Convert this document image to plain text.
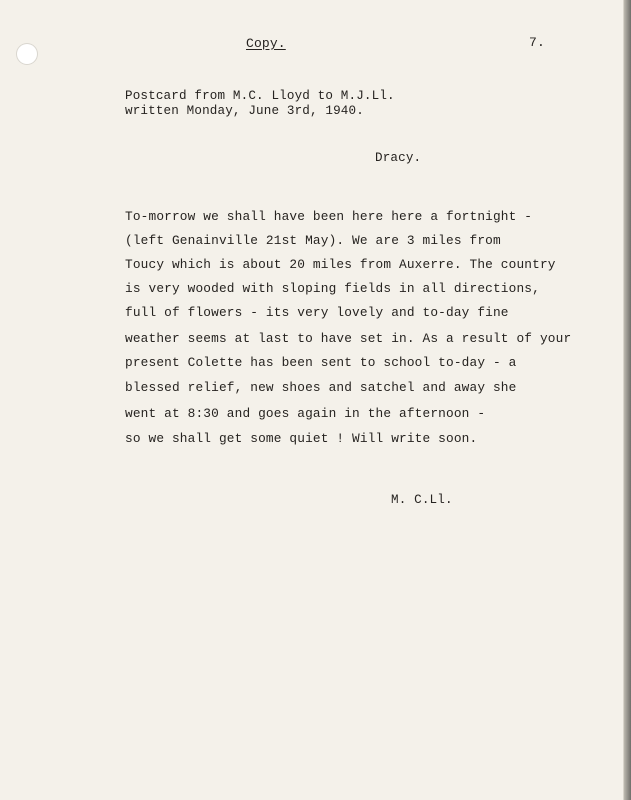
Copy.	7.

Postcard from M.C. Lloyd to M.J.Ll.

written Monday, June 3rd, 1940.

Dracy.

To-morrow we shall have been here here a fortnight -

(left Genainville 21st May). We are 3 miles from

Toucy which is about 20 miles from Auxerre. The country

is very wooded with sloping fields in all directions,

full of flowers - its very lovely and to-day fine

weather seems at last to have set in. As a result of your

present Colette has been sent to school to-day - a

blessed relief, new shoes and satchel and away she

went at 8:30 and goes again in the afternoon -

so we shall get some quiet ! Will write soon.

M. C.Ll.
